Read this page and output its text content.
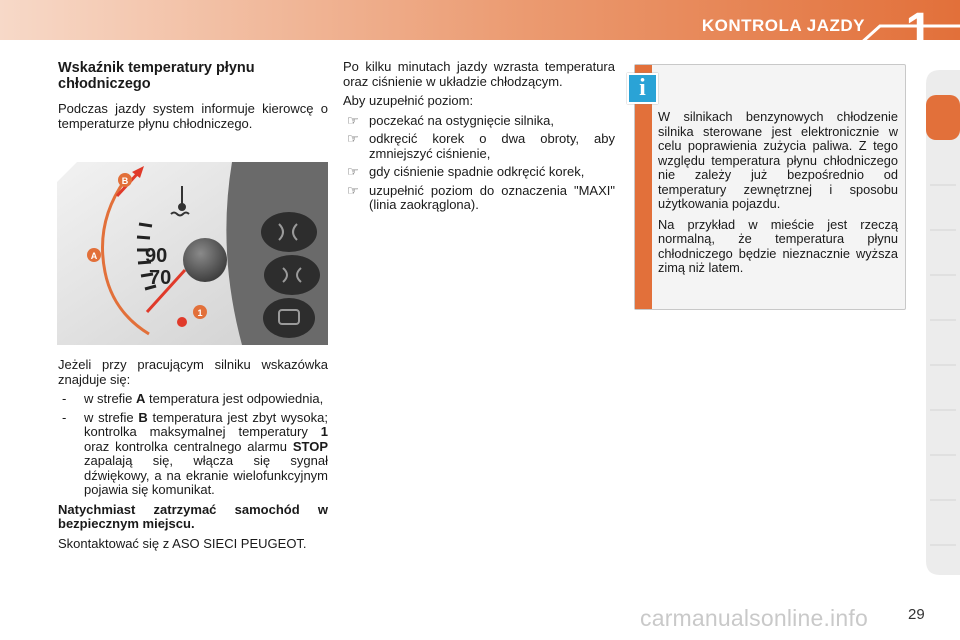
KONTROLA JAZDY 1
Wskaźnik temperatury płynu chłodniczego

Podczas jazdy system informuje kierowcę o temperaturze płynu chłodniczego.

90
70
B
A
1

Jeżeli przy pracującym silniku wskazówka znajduje się:

- w strefie A temperatura jest odpowiednia,
- w strefie B temperatura jest zbyt wysoka; kontrolka maksymalnej temperatury 1 oraz kontrolka centralnego alarmu STOP zapalają się, włącza się sygnał dźwiękowy, a na ekranie wielofunkcyjnym pojawia się komunikat.

Natychmiast zatrzymać samochód w bezpiecznym miejscu.

Skontaktować się z ASO SIECI PEUGEOT.

Po kilku minutach jazdy wzrasta temperatura oraz ciśnienie w układzie chłodzącym.

Aby uzupełnić poziom:

☞ poczekać na ostygnięcie silnika,
☞ odkręcić korek o dwa obroty, aby zmniejszyć ciśnienie,
☞ gdy ciśnienie spadnie odkręcić korek,
☞ uzupełnić poziom do oznaczenia "MAXI" (linia zaokrąglona).
i

W silnikach benzynowych chłodzenie silnika sterowane jest elektronicznie w celu poprawienia zużycia paliwa. Z tego względu temperatura płynu chłodniczego nie zależy już bezpośrednio od temperatury zewnętrznej i sposobu użytkowania pojazdu.

Na przykład w mieście jest rzeczą normalną, że temperatura płynu chłodniczego będzie nieznacznie wyższa zimą niż latem.

carmanualsonline.info	29
